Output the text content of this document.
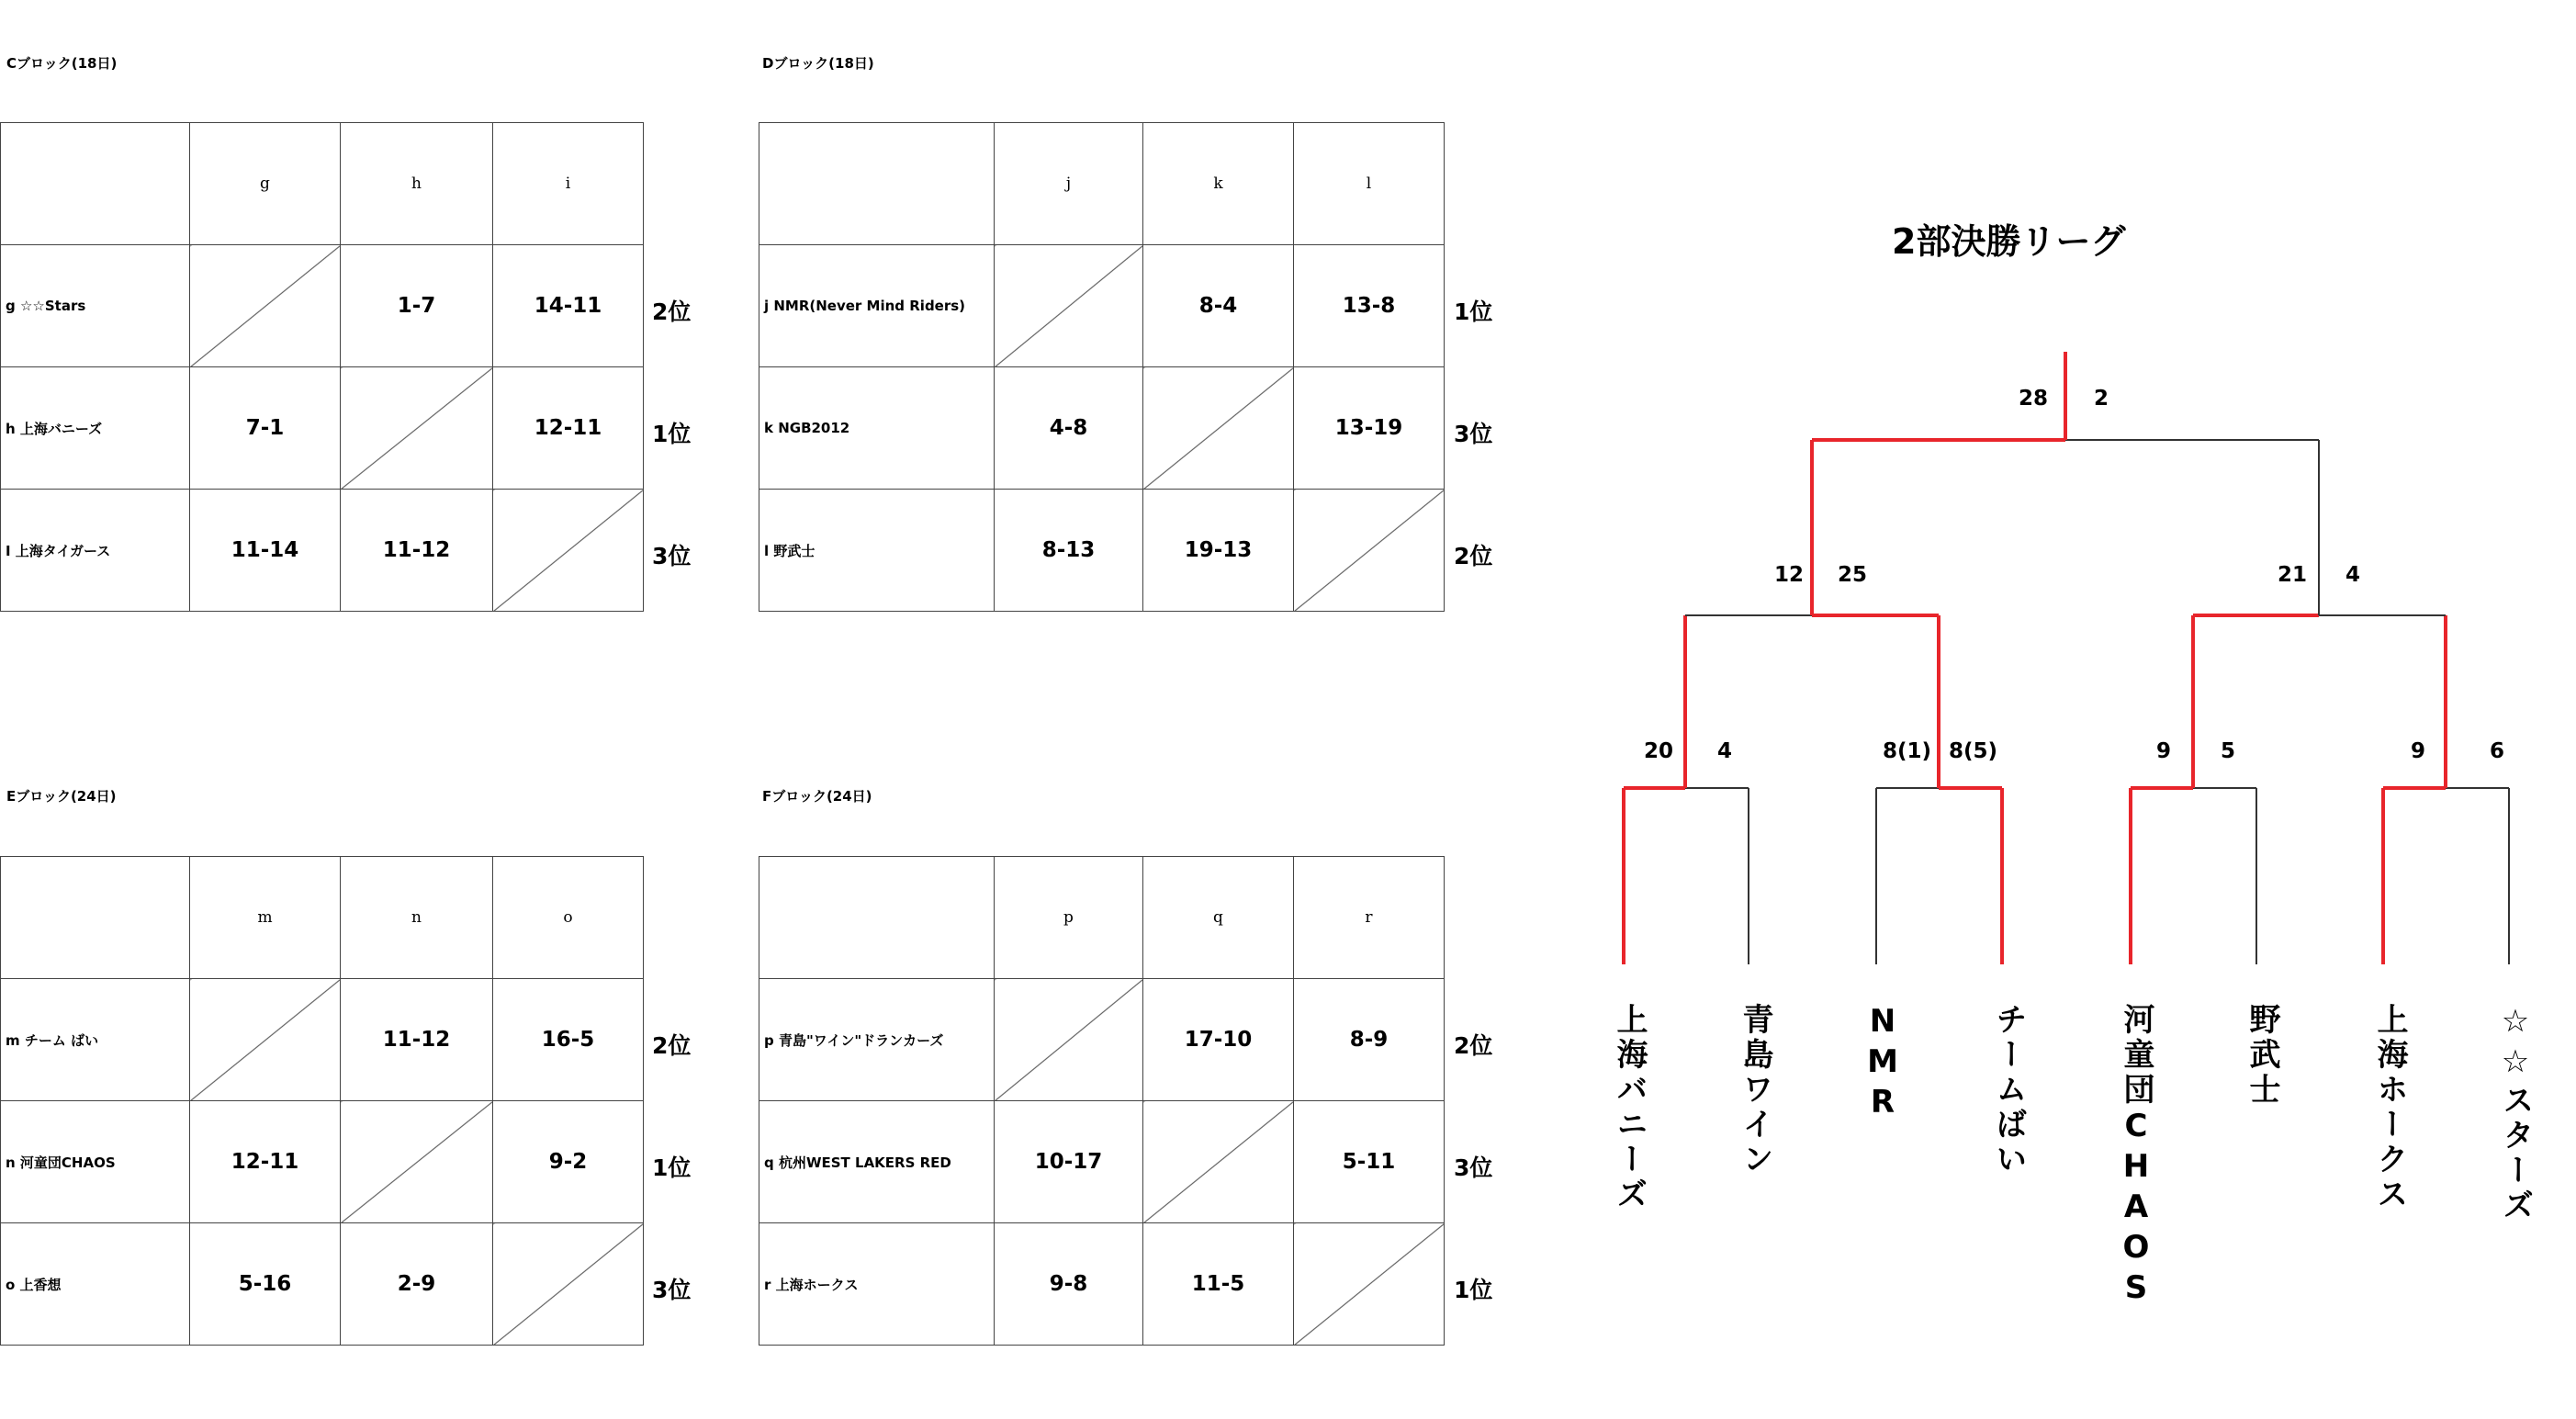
Cブロック(18日)
	g	h	i
g ☆☆Stars		1-7	14-11
h 上海バニーズ	7-1		12-11
I 上海タイガース	11-14	11-12	
2位
1位
3位
Dブロック(18日)
	j	k	l
j NMR(Never Mind Riders)		8-4	13-8
k NGB2012	4-8		13-19
l 野武士	8-13	19-13	
1位
3位
2位
Eブロック(24日)
	m	n	o
m チーム ばい		11-12	16-5
n 河童団CHAOS	12-11		9-2
o 上香想	5-16	2-9	
2位
1位
3位
Fブロック(24日)
	p	q	r
p 青島"ワイン"ドランカーズ		17-10	8-9
q 杭州WEST LAKERS RED	10-17		5-11
r 上海ホークス	9-8	11-5	
2位
3位
1位
2部決勝リーグ
28 2
12 25	21 4
20 4	8(1) 8(5)	9 5	9	6
上海バニーズ	青島ワイン	NMR	チームばい	河童団CHAOS	野武士	上海ホークス	☆☆スターズ
